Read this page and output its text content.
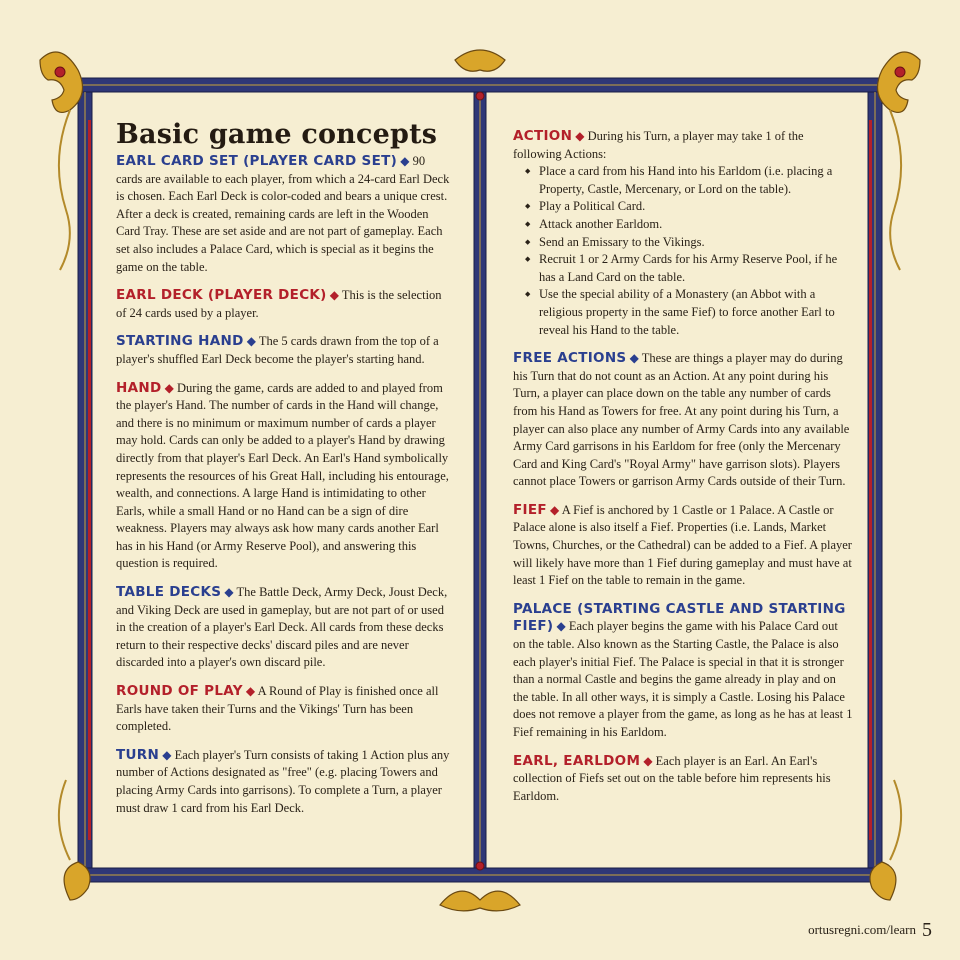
Basic game concepts

EARL CARD SET (PLAYER CARD SET) ◆ 90 cards are available to each player, from which a 24-card Earl Deck is chosen. Each Earl Deck is color-coded and bears a unique crest. After a deck is created, remaining cards are left in the Wooden Card Tray. These are set aside and are not part of gameplay. Each set also includes a Palace Card, which is special as it begins the game on the table.

EARL DECK (PLAYER DECK) ◆ This is the selection of 24 cards used by a player.

STARTING HAND ◆ The 5 cards drawn from the top of a player's shuffled Earl Deck become the player's starting hand.

HAND ◆ During the game, cards are added to and played from the player's Hand. The number of cards in the Hand will change, and there is no minimum or maximum number of cards a player may hold. Cards can only be added to a player's Hand by drawing directly from that player's Earl Deck. An Earl's Hand symbolically represents the resources of his Great Hall, including his entourage, wealth, and connections. A large Hand is intimidating to other Earls, while a small Hand or no Hand can be a sign of dire weakness. Players may always ask how many cards another Earl has in his Hand (or Army Reserve Pool), and answering this question is required.

TABLE DECKS ◆ The Battle Deck, Army Deck, Joust Deck, and Viking Deck are used in gameplay, but are not part of or used in the creation of a player's Earl Deck. All cards from these decks return to their respective decks' discard piles and are never discarded into a player's own discard pile.

ROUND OF PLAY ◆ A Round of Play is finished once all Earls have taken their Turns and the Vikings' Turn has been completed.

TURN ◆ Each player's Turn consists of taking 1 Action plus any number of Actions designated as "free" (e.g. placing Towers and placing Army Cards into garrisons). To complete a Turn, a player must draw 1 card from his Earl Deck.

ACTION ◆ During his Turn, a player may take 1 of the following Actions:
◆ Place a card from his Hand into his Earldom (i.e. placing a Property, Castle, Mercenary, or Lord on the table).
◆ Play a Political Card.
◆ Attack another Earldom.
◆ Send an Emissary to the Vikings.
◆ Recruit 1 or 2 Army Cards for his Army Reserve Pool, if he has a Land Card on the table.
◆ Use the special ability of a Monastery (an Abbot with a religious property in the same Fief) to force another Earl to reveal his Hand to the table.

FREE ACTIONS ◆ These are things a player may do during his Turn that do not count as an Action. At any point during his Turn, a player can place down on the table any number of cards from his Hand as Towers for free. At any point during his Turn, a player can also place any number of Army Cards into any available Army Card garrisons in his Earldom for free (only the Mercenary Card and King Card's "Royal Army" have garrison slots). Players cannot place Towers or garrison Army Cards outside of their Turn.

FIEF ◆ A Fief is anchored by 1 Castle or 1 Palace. A Castle or Palace alone is also itself a Fief. Properties (i.e. Lands, Market Towns, Churches, or the Cathedral) can be added to a Fief. A player will likely have more than 1 Fief during gameplay and must have at least 1 Fief on the table to remain in the game.

PALACE (STARTING CASTLE AND STARTING FIEF) ◆ Each player begins the game with his Palace Card out on the table. Also known as the Starting Castle, the Palace is also each player's initial Fief. The Palace is special in that it is stronger than a normal Castle and begins the game already in play and on the table. In all other ways, it is simply a Castle. Losing his Palace does not remove a player from the game, as long as he has at least 1 Fief remaining in his Earldom.

EARL, EARLDOM ◆ Each player is an Earl. An Earl's collection of Fiefs set out on the table before him represents his Earldom.

ortusregni.com/learn 5
